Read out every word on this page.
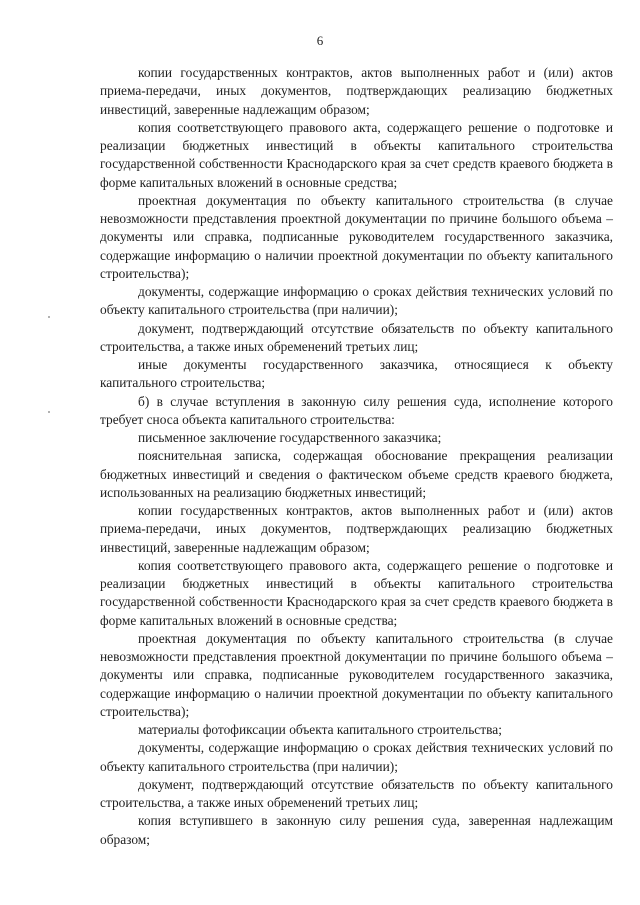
6

копии государственных контрактов, актов выполненных работ и (или) актов приема-передачи, иных документов, подтверждающих реализацию бюджетных инвестиций, заверенные надлежащим образом;

копия соответствующего правового акта, содержащего решение о подготовке и реализации бюджетных инвестиций в объекты капитального строительства государственной собственности Краснодарского края за счет средств краевого бюджета в форме капитальных вложений в основные средства;

проектная документация по объекту капитального строительства (в случае невозможности представления проектной документации по причине большого объема – документы или справка, подписанные руководителем государственного заказчика, содержащие информацию о наличии проектной документации по объекту капитального строительства);

документы, содержащие информацию о сроках действия технических условий по объекту капитального строительства (при наличии);

документ, подтверждающий отсутствие обязательств по объекту капитального строительства, а также иных обременений третьих лиц;

иные документы государственного заказчика, относящиеся к объекту капитального строительства;

б) в случае вступления в законную силу решения суда, исполнение которого требует сноса объекта капитального строительства:

письменное заключение государственного заказчика;

пояснительная записка, содержащая обоснование прекращения реализации бюджетных инвестиций и сведения о фактическом объеме средств краевого бюджета, использованных на реализацию бюджетных инвестиций;

копии государственных контрактов, актов выполненных работ и (или) актов приема-передачи, иных документов, подтверждающих реализацию бюджетных инвестиций, заверенные надлежащим образом;

копия соответствующего правового акта, содержащего решение о подготовке и реализации бюджетных инвестиций в объекты капитального строительства государственной собственности Краснодарского края за счет средств краевого бюджета в форме капитальных вложений в основные средства;

проектная документация по объекту капитального строительства (в случае невозможности представления проектной документации по причине большого объема – документы или справка, подписанные руководителем государственного заказчика, содержащие информацию о наличии проектной документации по объекту капитального строительства);

материалы фотофиксации объекта капитального строительства;

документы, содержащие информацию о сроках действия технических условий по объекту капитального строительства (при наличии);

документ, подтверждающий отсутствие обязательств по объекту капитального строительства, а также иных обременений третьих лиц;

копия вступившего в законную силу решения суда, заверенная надлежащим образом;
